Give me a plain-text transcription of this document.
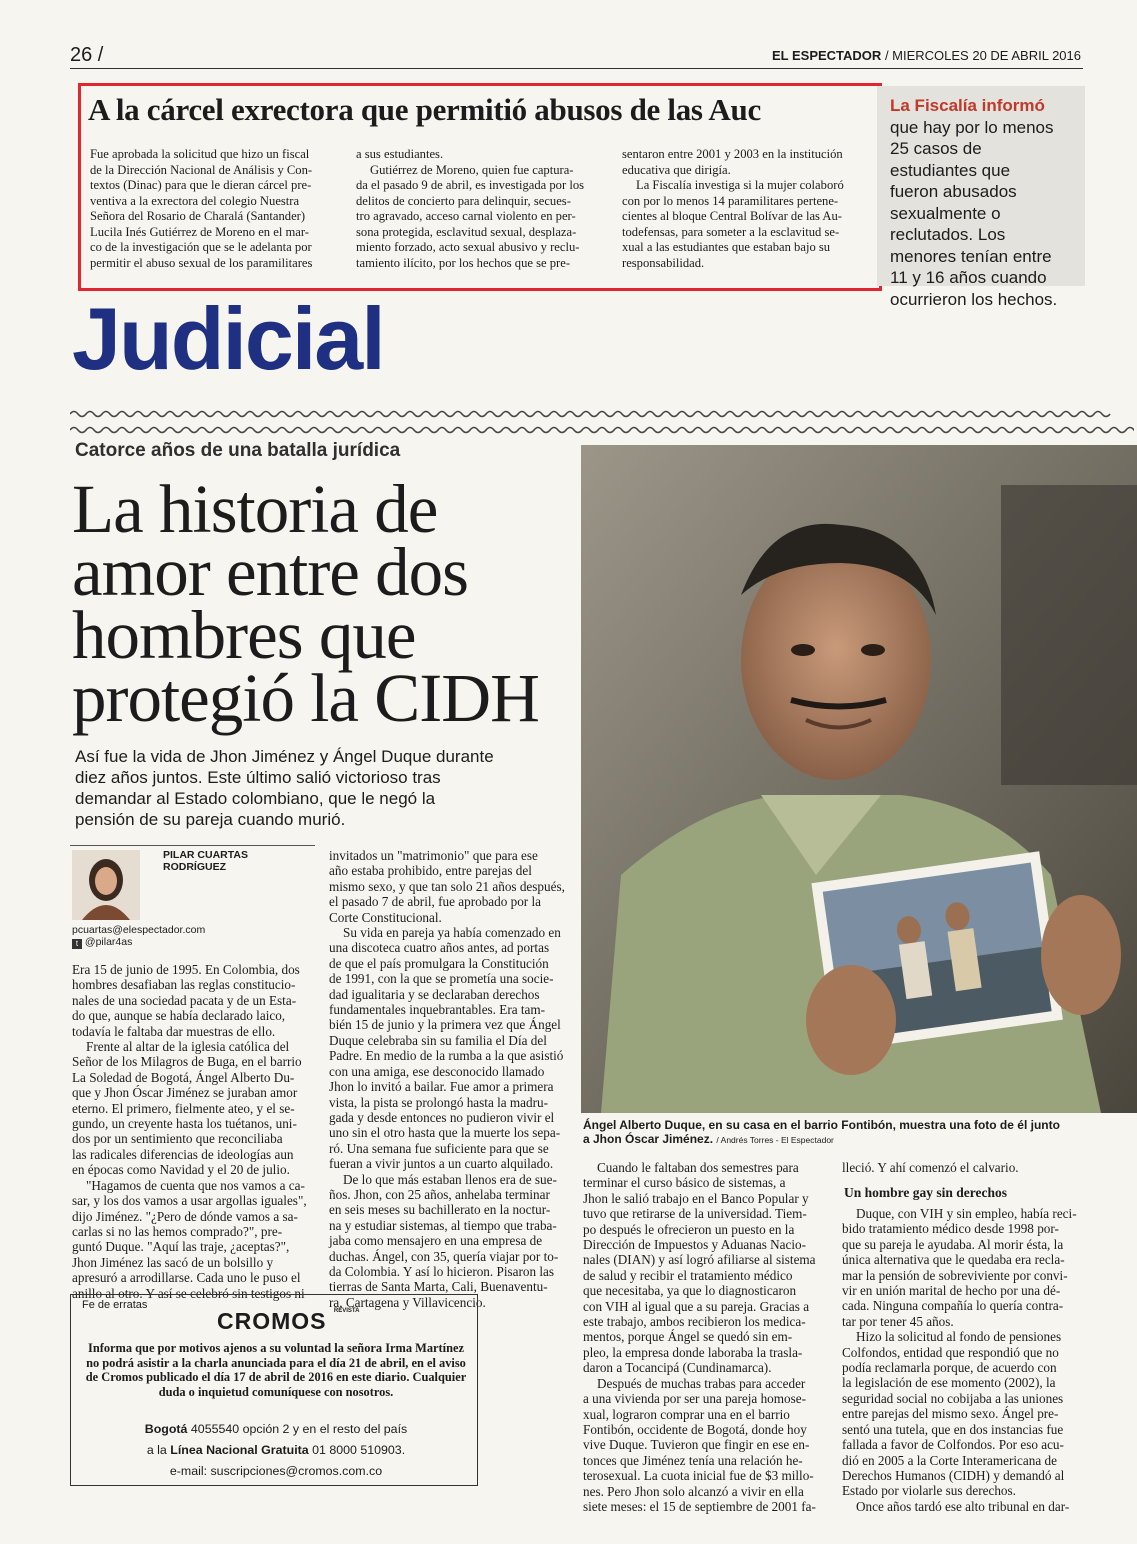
26 /	EL ESPECTADOR / MIERCOLES 20 DE ABRIL 2016
A la cárcel exrectora que permitió abusos de las Auc
Fue aprobada la solicitud que hizo un fiscal
de la Dirección Nacional de Análisis y Con-
textos (Dinac) para que le dieran cárcel pre-
ventiva a la exrectora del colegio Nuestra
Señora del Rosario de Charalá (Santander)
Lucila Inés Gutiérrez de Moreno en el mar-
co de la investigación que se le adelanta por
permitir el abuso sexual de los paramilitares
a sus estudiantes.
Gutiérrez de Moreno, quien fue captura-
da el pasado 9 de abril, es investigada por los
delitos de concierto para delinquir, secues-
tro agravado, acceso carnal violento en per-
sona protegida, esclavitud sexual, desplaza-
miento forzado, acto sexual abusivo y reclu-
tamiento ilícito, por los hechos que se pre-
sentaron entre 2001 y 2003 en la institución
educativa que dirigía.
La Fiscalía investiga si la mujer colaboró
con por lo menos 14 paramilitares pertene-
cientes al bloque Central Bolívar de las Au-
todefensas, para someter a la esclavitud se-
xual a las estudiantes que estaban bajo su
responsabilidad.
La Fiscalía informó
que hay por lo menos
25 casos de
estudiantes que
fueron abusados
sexualmente o
reclutados. Los
menores tenían entre
11 y 16 años cuando
ocurrieron los hechos.
Judicial
Catorce años de una batalla jurídica
La historia de
amor entre dos
hombres que
protegió la CIDH
Así fue la vida de Jhon Jiménez y Ángel Duque durante
diez años juntos. Este último salió victorioso tras
demandar al Estado colombiano, que le negó la
pensión de su pareja cuando murió.
PILAR CUARTAS
RODRÍGUEZ
pcuartas@elespectador.com
t @pilar4as
Era 15 de junio de 1995. En Colombia, dos
hombres desafiaban las reglas constitucio-
nales de una sociedad pacata y de un Esta-
do que, aunque se había declarado laico,
todavía le faltaba dar muestras de ello.
Frente al altar de la iglesia católica del
Señor de los Milagros de Buga, en el barrio
La Soledad de Bogotá, Ángel Alberto Du-
que y Jhon Óscar Jiménez se juraban amor
eterno. El primero, fielmente ateo, y el se-
gundo, un creyente hasta los tuétanos, uni-
dos por un sentimiento que reconciliaba
las radicales diferencias de ideologías aun
en épocas como Navidad y el 20 de julio.
"Hagamos de cuenta que nos vamos a ca-
sar, y los dos vamos a usar argollas iguales",
dijo Jiménez. "¿Pero de dónde vamos a sa-
carlas si no las hemos comprado?", pre-
guntó Duque. "Aquí las traje, ¿aceptas?",
Jhon Jiménez las sacó de un bolsillo y
apresuró a arrodillarse. Cada uno le puso el
anillo al otro. Y así se celebró sin testigos ni
invitados un "matrimonio" que para ese
año estaba prohibido, entre parejas del
mismo sexo, y que tan solo 21 años después,
el pasado 7 de abril, fue aprobado por la
Corte Constitucional.
Su vida en pareja ya había comenzado en
una discoteca cuatro años antes, ad portas
de que el país promulgara la Constitución
de 1991, con la que se prometía una socie-
dad igualitaria y se declaraban derechos
fundamentales inquebrantables. Era tam-
bién 15 de junio y la primera vez que Ángel
Duque celebraba sin su familia el Día del
Padre. En medio de la rumba a la que asistió
con una amiga, ese desconocido llamado
Jhon lo invitó a bailar. Fue amor a primera
vista, la pista se prolongó hasta la madru-
gada y desde entonces no pudieron vivir el
uno sin el otro hasta que la muerte los sepa-
ró. Una semana fue suficiente para que se
fueran a vivir juntos a un cuarto alquilado.
De lo que más estaban llenos era de sue-
ños. Jhon, con 25 años, anhelaba terminar
en seis meses su bachillerato en la noctur-
na y estudiar sistemas, al tiempo que traba-
jaba como mensajero en una empresa de
duchas. Ángel, con 35, quería viajar por to-
da Colombia. Y así lo hicieron. Pisaron las
tierras de Santa Marta, Cali, Buenaventu-
ra, Cartagena y Villavicencio.
Ángel Alberto Duque, en su casa en el barrio Fontibón, muestra una foto de él junto a Jhon Óscar Jiménez. / Andrés Torres - El Espectador
Cuando le faltaban dos semestres para
terminar el curso básico de sistemas, a
Jhon le salió trabajo en el Banco Popular y
tuvo que retirarse de la universidad. Tiem-
po después le ofrecieron un puesto en la
Dirección de Impuestos y Aduanas Nacio-
nales (DIAN) y así logró afiliarse al sistema
de salud y recibir el tratamiento médico
que necesitaba, ya que lo diagnosticaron
con VIH al igual que a su pareja. Gracias a
este trabajo, ambos recibieron los medica-
mentos, porque Ángel se quedó sin em-
pleo, la empresa donde laboraba la trasla-
daron a Tocancipá (Cundinamarca).
Después de muchas trabas para acceder
a una vivienda por ser una pareja homose-
xual, lograron comprar una en el barrio
Fontibón, occidente de Bogotá, donde hoy
vive Duque. Tuvieron que fingir en ese en-
tonces que Jiménez tenía una relación he-
terosexual. La cuota inicial fue de $3 millo-
nes. Pero Jhon solo alcanzó a vivir en ella
siete meses: el 15 de septiembre de 2001 fa-
lleció. Y ahí comenzó el calvario.
Un hombre gay sin derechos
Duque, con VIH y sin empleo, había reci-
bido tratamiento médico desde 1998 por-
que su pareja le ayudaba. Al morir ésta, la
única alternativa que le quedaba era recla-
mar la pensión de sobreviviente por convi-
vir en unión marital de hecho por una dé-
cada. Ninguna compañía lo quería contra-
tar por tener 45 años.
Hizo la solicitud al fondo de pensiones
Colfondos, entidad que respondió que no
podía reclamarla porque, de acuerdo con
la legislación de ese momento (2002), la
seguridad social no cobijaba a las uniones
entre parejas del mismo sexo. Ángel pre-
sentó una tutela, que en dos instancias fue
fallada a favor de Colfondos. Por eso acu-
dió en 2005 a la Corte Interamericana de
Derechos Humanos (CIDH) y demandó al
Estado por violarle sus derechos.
Once años tardó ese alto tribunal en dar-
Fe de erratas
CROMOS $^{REVISTA}$
Informa que por motivos ajenos a su voluntad la señora Irma Martínez no podrá asistir a la charla anunciada para el día 21 de abril, en el aviso de Cromos publicado el día 17 de abril de 2016 en este diario. Cualquier duda o inquietud comuníquese con nosotros.
Bogotá 4055540 opción 2 y en el resto del país
a la Línea Nacional Gratuita 01 8000 510903.
e-mail: suscripciones@cromos.com.co
